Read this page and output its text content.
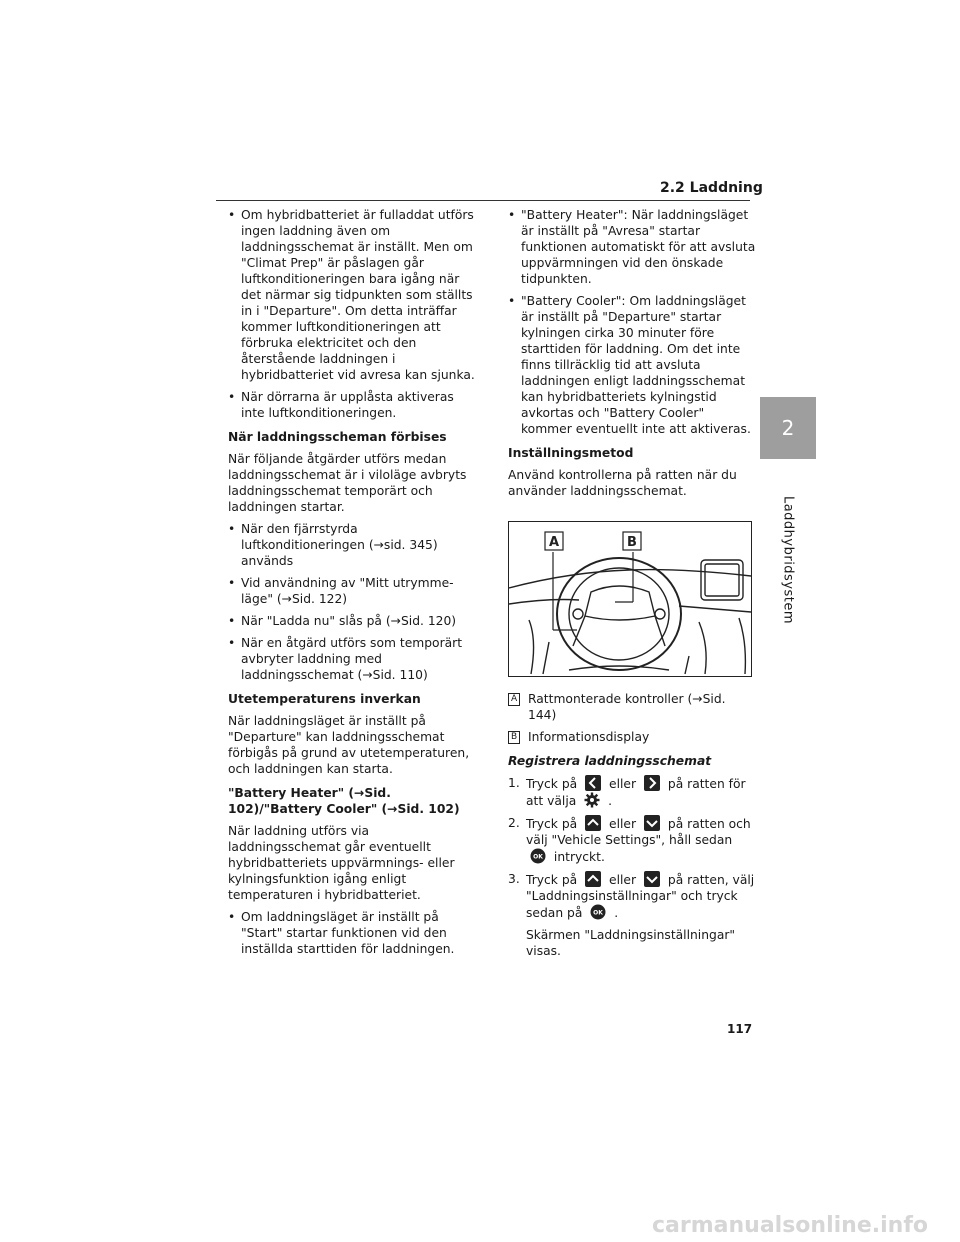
2.2 Laddning
2
Laddhybridsystem
• Om hybridbatteriet är fulladdat utförs ingen laddning även om laddningsschemat är inställt. Men om "Climat Prep" är påslagen går luftkonditioneringen bara igång när det närmar sig tidpunkten som ställts in i "Departure". Om detta inträffar kommer luftkonditioneringen att förbruka elektricitet och den återstående laddningen i hybridbatteriet vid avresa kan sjunka.
• När dörrarna är upplåsta aktiveras inte luftkonditioneringen.
När laddningsscheman förbises
När följande åtgärder utförs medan laddningsschemat är i viloläge avbryts laddningsschemat temporärt och laddningen startar.
• När den fjärrstyrda luftkonditioneringen (→sid. 345) används
• Vid användning av "Mitt utrymme-läge" (→Sid. 122)
• När "Ladda nu" slås på (→Sid. 120)
• När en åtgärd utförs som temporärt avbryter laddning med laddningsschemat (→Sid. 110)
Utetemperaturens inverkan
När laddningsläget är inställt på "Departure" kan laddningsschemat förbigås på grund av utetemperaturen, och laddningen kan starta.
"Battery Heater" (→Sid. 102)/"Battery Cooler" (→Sid. 102)
När laddning utförs via laddningsschemat går eventuellt hybridbatteriets uppvärmnings- eller kylningsfunktion igång enligt temperaturen i hybridbatteriet.
• Om laddningsläget är inställt på "Start" startar funktionen vid den inställda starttiden för laddningen.
• "Battery Heater": När laddningsläget är inställt på "Avresa" startar funktionen automatiskt för att avsluta uppvärmningen vid den önskade tidpunkten.
• "Battery Cooler": Om laddningsläget är inställt på "Departure" startar kylningen cirka 30 minuter före starttiden för laddning. Om det inte finns tillräcklig tid att avsluta laddningen enligt laddningsschemat kan hybridbatteriets kylningstid avkortas och "Battery Cooler" kommer eventuellt inte att aktiveras.
Inställningsmetod
Använd kontrollerna på ratten när du använder laddningsschemat.
A	B
A Rattmonterade kontroller (→Sid. 144)
B Informationsdisplay
Registrera laddningsschemat
1. Tryck på	eller	på ratten för att välja	.
2. Tryck på	eller	på ratten och välj "Vehicle Settings", håll sedan
OK intryckt.
3. Tryck på	eller	på ratten, välj "Laddningsinställningar" och tryck sedan på OK .
Skärmen "Laddningsinställningar" visas.
117
carmanualsonline.info
